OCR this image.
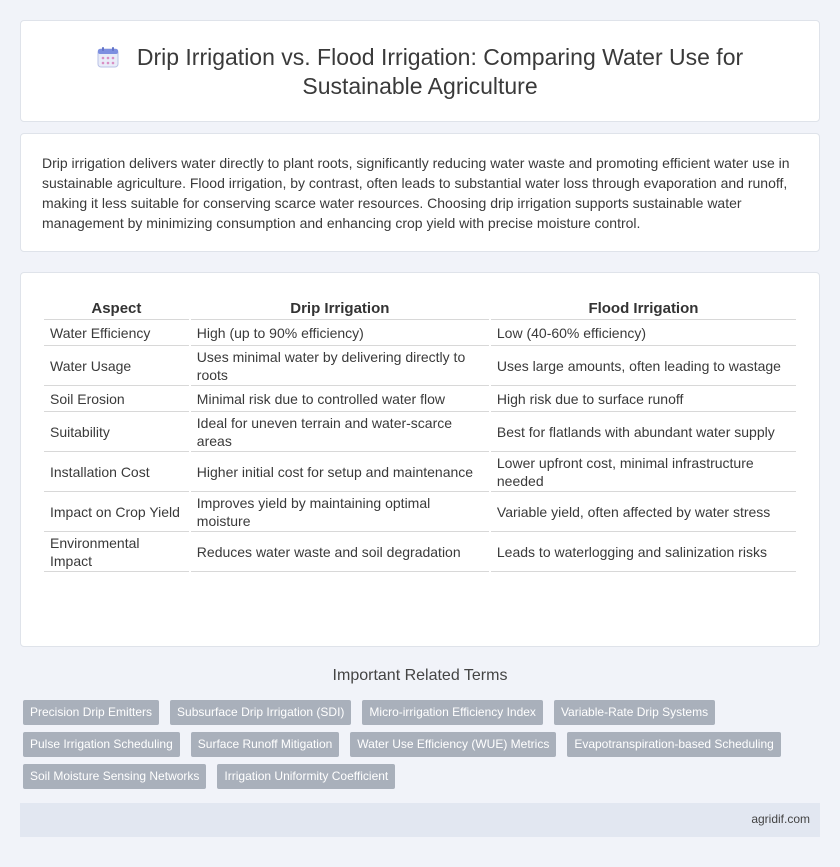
Drip Irrigation vs. Flood Irrigation: Comparing Water Use for Sustainable Agriculture

Drip irrigation delivers water directly to plant roots, significantly reducing water waste and promoting efficient water use in sustainable agriculture. Flood irrigation, by contrast, often leads to substantial water loss through evaporation and runoff, making it less suitable for conserving scarce water resources. Choosing drip irrigation supports sustainable water management by minimizing consumption and enhancing crop yield with precise moisture control.

Aspect	Drip Irrigation	Flood Irrigation
Water Efficiency	High (up to 90% efficiency)	Low (40-60% efficiency)
Water Usage	Uses minimal water by delivering directly to roots	Uses large amounts, often leading to wastage
Soil Erosion	Minimal risk due to controlled water flow	High risk due to surface runoff
Suitability	Ideal for uneven terrain and water-scarce areas	Best for flatlands with abundant water supply
Installation Cost	Higher initial cost for setup and maintenance	Lower upfront cost, minimal infrastructure needed
Impact on Crop Yield	Improves yield by maintaining optimal moisture	Variable yield, often affected by water stress
Environmental Impact	Reduces water waste and soil degradation	Leads to waterlogging and salinization risks
Important Related Terms
Precision Drip Emitters	Subsurface Drip Irrigation (SDI)	Micro-irrigation Efficiency Index	Variable-Rate Drip Systems
Pulse Irrigation Scheduling	Surface Runoff Mitigation	Water Use Efficiency (WUE) Metrics	Evapotranspiration-based Scheduling
Soil Moisture Sensing Networks	Irrigation Uniformity Coefficient
agridif.com
